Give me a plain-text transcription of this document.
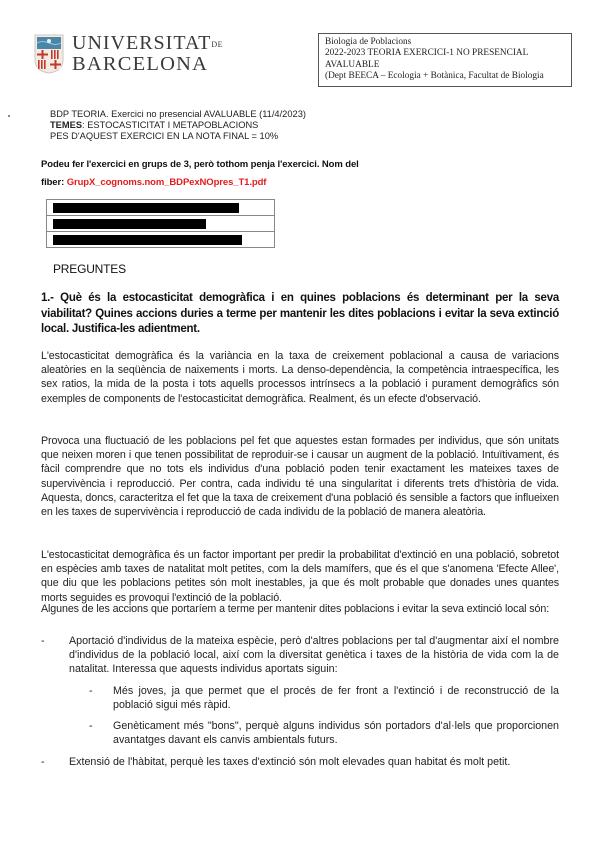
UNIVERSITATDE
BARCELONA
Biologia de Poblacions
2022-2023 TEORIA EXERCICI-1 NO PRESENCIAL
AVALUABLE
(Dept BEECA – Ecologia + Botànica, Facultat de Biologia
BDP TEORIA. Exercici no presencial AVALUABLE (11/4/2023)
TEMES: ESTOCASTICITAT I METAPOBLACIONS
PES D'AQUEST EXERCICI EN LA NOTA FINAL = 10%
Podeu fer l'exercici en grups de 3, però tothom penja l'exercici. Nom del
fiber: GrupX_cognoms.nom_BDPexNOpres_T1.pdf
PREGUNTES
1.- Què és la estocasticitat demogràfica i en quines poblacions és determinant per la seva viabilitat? Quines accions duries a terme per mantenir les dites poblacions i evitar la seva extinció local. Justifica-les adientment.
L'estocasticitat demogràfica és la variància en la taxa de creixement poblacional a causa de variacions aleatòries en la seqüència de naixements i morts. La denso-dependència, la competència intraespecífica, les sex ratios, la mida de la posta i tots aquells processos intrínsecs a la població i purament demogràfics són exemples de components de l'estocasticitat demogràfica. Realment, és un efecte d'observació.
Provoca una fluctuació de les poblacions pel fet que aquestes estan formades per individus, que són unitats que neixen moren i que tenen possibilitat de reproduir-se i causar un augment de la població. Intuïtivament, és fàcil comprendre que no tots els individus d'una població poden tenir exactament les mateixes taxes de supervivència i reproducció. Per contra, cada individu té una singularitat i diferents trets d'història de vida. Aquesta, doncs, caracteritza el fet que la taxa de creixement d'una població és sensible a factors que influeixen en les taxes de supervivència i reproducció de cada individu de la població de manera aleatòria.
L'estocasticitat demogràfica és un factor important per predir la probabilitat d'extinció en una població, sobretot en espècies amb taxes de natalitat molt petites, com la dels mamífers, que és el que s'anomena 'Efecte Allee', que diu que les poblacions petites són molt inestables, ja que és molt probable que donades unes quantes morts seguides es provoqui l'extinció de la població.
Algunes de les accions que portaríem a terme per mantenir dites poblacions i evitar la seva extinció local són:
- Aportació d'individus de la mateixa espècie, però d'altres poblacions per tal d'augmentar així el nombre d'individus de la població local, així com la diversitat genètica i taxes de la història de vida com la de natalitat. Interessa que aquests individus aportats siguin:
- Més joves, ja que permet que el procés de fer front a l'extinció i de reconstrucció de la població sigui més ràpid.
- Genèticament més "bons", perquè alguns individus són portadors d'al·lels que proporcionen avantatges davant els canvis ambientals futurs.
- Extensió de l'hàbitat, perquè les taxes d'extinció són molt elevades quan habitat és molt petit.
